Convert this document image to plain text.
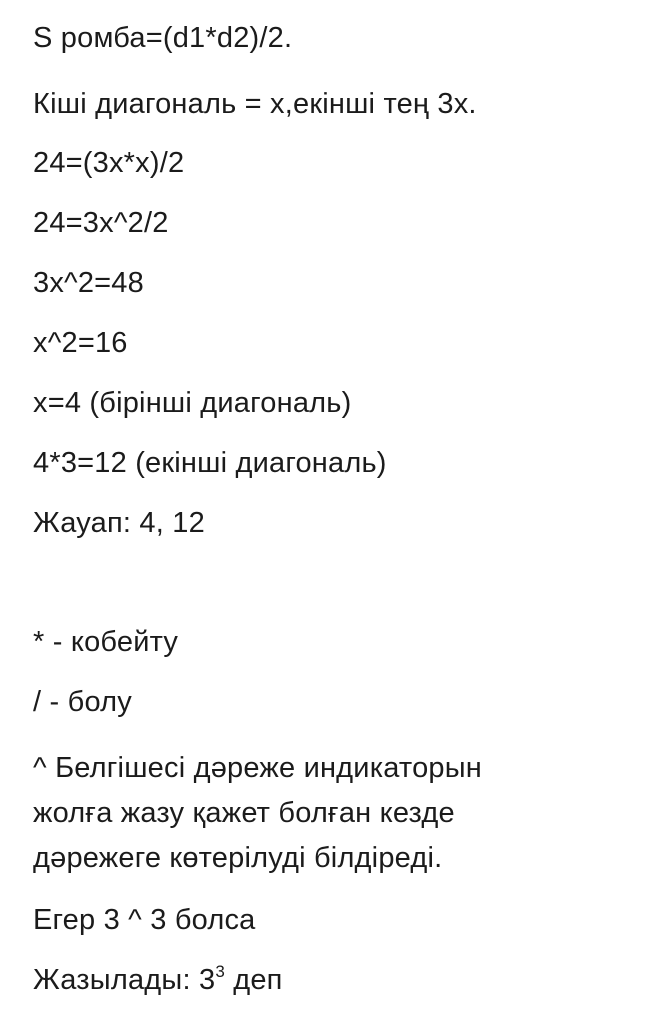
S ромба=(d1*d2)/2.
Кіші диагональ = х,екінші тең 3х.
24=(3х*х)/2
24=3х^2/2
3х^2=48
х^2=16
х=4 (бірінші диагональ)
4*3=12 (екінші диагональ)
Жауап: 4, 12
* - кобейту
/ - болу
^ Белгішесі дәреже индикаторын
жолға жазу қажет болған кезде
дәрежеге көтерілуді білдіреді.
Егер 3 ^ 3 болса
Жазылады: $3^3$ деп
